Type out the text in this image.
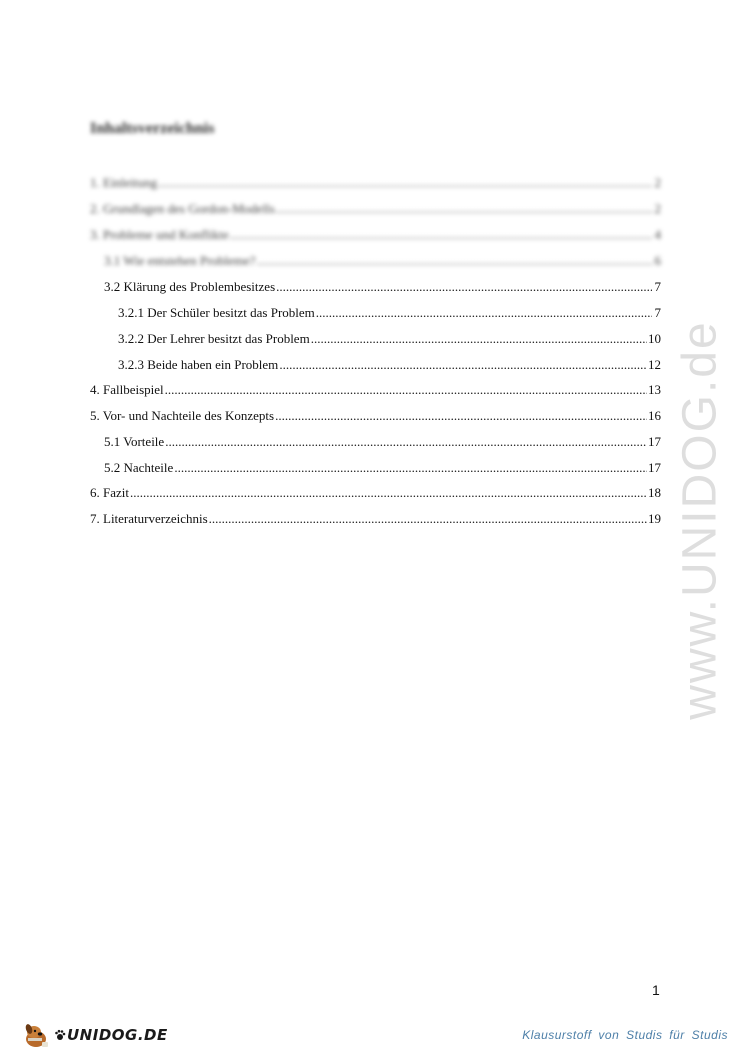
Inhaltsverzeichnis
1. Einleitung .....	2
2. Grundlagen des Gordon-Modells .....	2
3. Probleme und Konflikte .....	4
3.1 Wie entstehen Probleme? .....	6
3.2 Klärung des Problembesitzes .....	7
3.2.1 Der Schüler besitzt das Problem .....	7
3.2.2 Der Lehrer besitzt das Problem .....	10
3.2.3 Beide haben ein Problem .....	12
4. Fallbeispiel .....	13
5. Vor- und Nachteile des Konzepts .....	16
5.1 Vorteile .....	17
5.2 Nachteile .....	17
6. Fazit .....	18
7. Literaturverzeichnis .....	19 www.UNIDOG.de
1
UNIDOG.DE	Klausurstoff von Studis für Studis
